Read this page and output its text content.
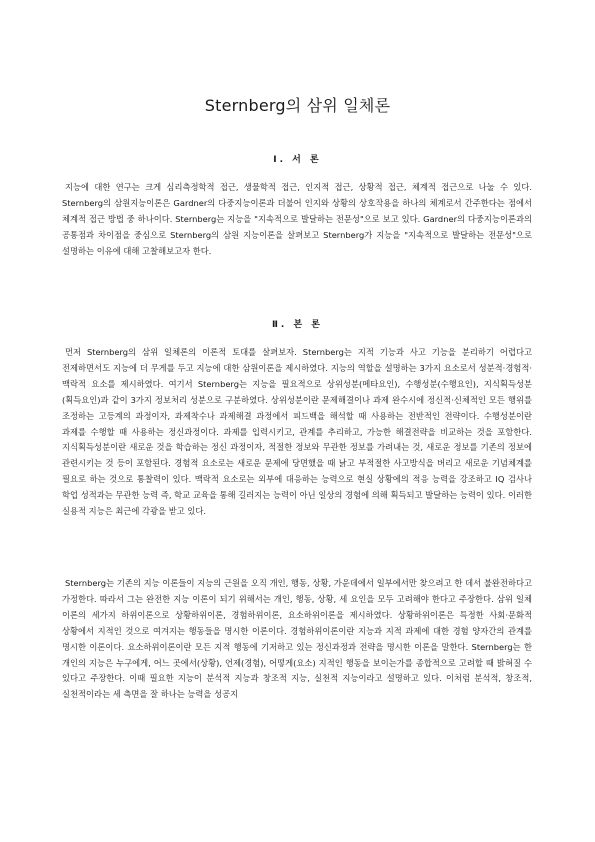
Sternberg의 삼위 일체론
Ⅰ. 서 론

지능에 대한 연구는 크게 심리측정학적 접근, 생물학적 접근, 인지적 접근, 상황적 접근, 체계적 접근으로 나눌 수 있다. Sternberg의 삼원지능이론은 Gardner의 다중지능이론과 더불어 인지와 상황의 상호작용을 하나의 체계로서 간주한다는 점에서 체계적 접근 방법 중 하나이다. Sternberg는 지능을 "지속적으로 발달하는 전문성"으로 보고 있다. Gardner의 다중지능이론과의 공통점과 차이점을 중심으로 Sternberg의 삼원 지능이론을 살펴보고 Sternberg가 지능을 "지속적으로 발달하는 전문성"으로 설명하는 이유에 대해 고찰해보고자 한다.

Ⅱ. 본 론

먼저 Sternberg의 삼위 일체론의 이론적 토대를 살펴보자. Sternberg는 지적 기능과 사고 기능을 분리하기 어렵다고 전제하면서도 지능에 더 무게를 두고 지능에 대한 삼원이론을 제시하였다. 지능의 역할을 설명하는 3가지 요소로서 성분적·경험적·맥락적 요소를 제시하였다. 여기서 Sternberg는 지능을 필요적으로 상위성분(메타요인), 수행성분(수행요인), 지식획득성분(획득요인)과 같이 3가지 정보처리 성분으로 구분하였다. 상위성분이란 문제해결이나 과제 완수시에 정신적·신체적인 모든 행위를 조정하는 고등계의 과정이자, 과제착수나 과제해결 과정에서 피드백을 해석할 때 사용하는 전반적인 전략이다. 수행성분이란 과제를 수행할 때 사용하는 정신과정이다. 과제를 입력시키고, 관계를 추리하고, 가능한 해결전략을 비교하는 것을 포함한다. 지식획득성분이란 새로운 것을 학습하는 정신 과정이자, 적절한 정보와 무관한 정보를 가려내는 것, 새로운 정보를 기존의 정보에 관련시키는 것 등이 포함된다. 경험적 요소로는 새로운 문제에 당면했을 때 낡고 부적절한 사고방식을 버리고 새로운 기념체계를 필요로 하는 것으로 통찰력이 있다. 맥락적 요소로는 외부에 대응하는 능력으로 현실 상황에의 적응 능력을 강조하고 IQ 검사나 학업 성적과는 무관한 능력 즉, 학교 교육을 통해 길러지는 능력이 아닌 일상의 경험에 의해 획득되고 발달하는 능력이 있다. 이러한 실용적 지능은 최근에 각광을 받고 있다.

Sternberg는 기존의 지능 이론들이 지능의 근원을 오직 개인, 행동, 상황, 가운데에서 일부에서만 찾으려고 한 데서 불완전하다고 가정한다. 따라서 그는 완전한 지능 이론이 되기 위해서는 개인, 행동, 상황, 세 요인을 모두 고려해야 한다고 주장한다. 삼위 일체 이론의 세가지 하위이론으로 상황하위이론, 경험하위이론, 요소하위이론을 제시하였다. 상황하위이론은 특정한 사회·문화적 상황에서 지적인 것으로 여겨지는 행동들을 명시한 이론이다. 경험하위이론이란 지능과 지적 과제에 대한 경험 양자간의 관계를 명시한 이론이다. 요소하위이론이란 모든 지적 행동에 기저하고 있는 정신과정과 전략을 명시한 이론을 말한다. Sternberg는 한 개인의 지능은 누구에게, 어느 곳에서(상황), 언제(경험), 어떻게(요소) 지적인 행동을 보이는가를 종합적으로 고려할 때 밝혀질 수 있다고 주장한다. 이때 필요한 지능이 분석적 지능과 창조적 지능, 실천적 지능이라고 설명하고 있다. 이처럼 분석적, 창조적, 실천적이라는 세 측면을 잘 하나는 능력을 성공지
